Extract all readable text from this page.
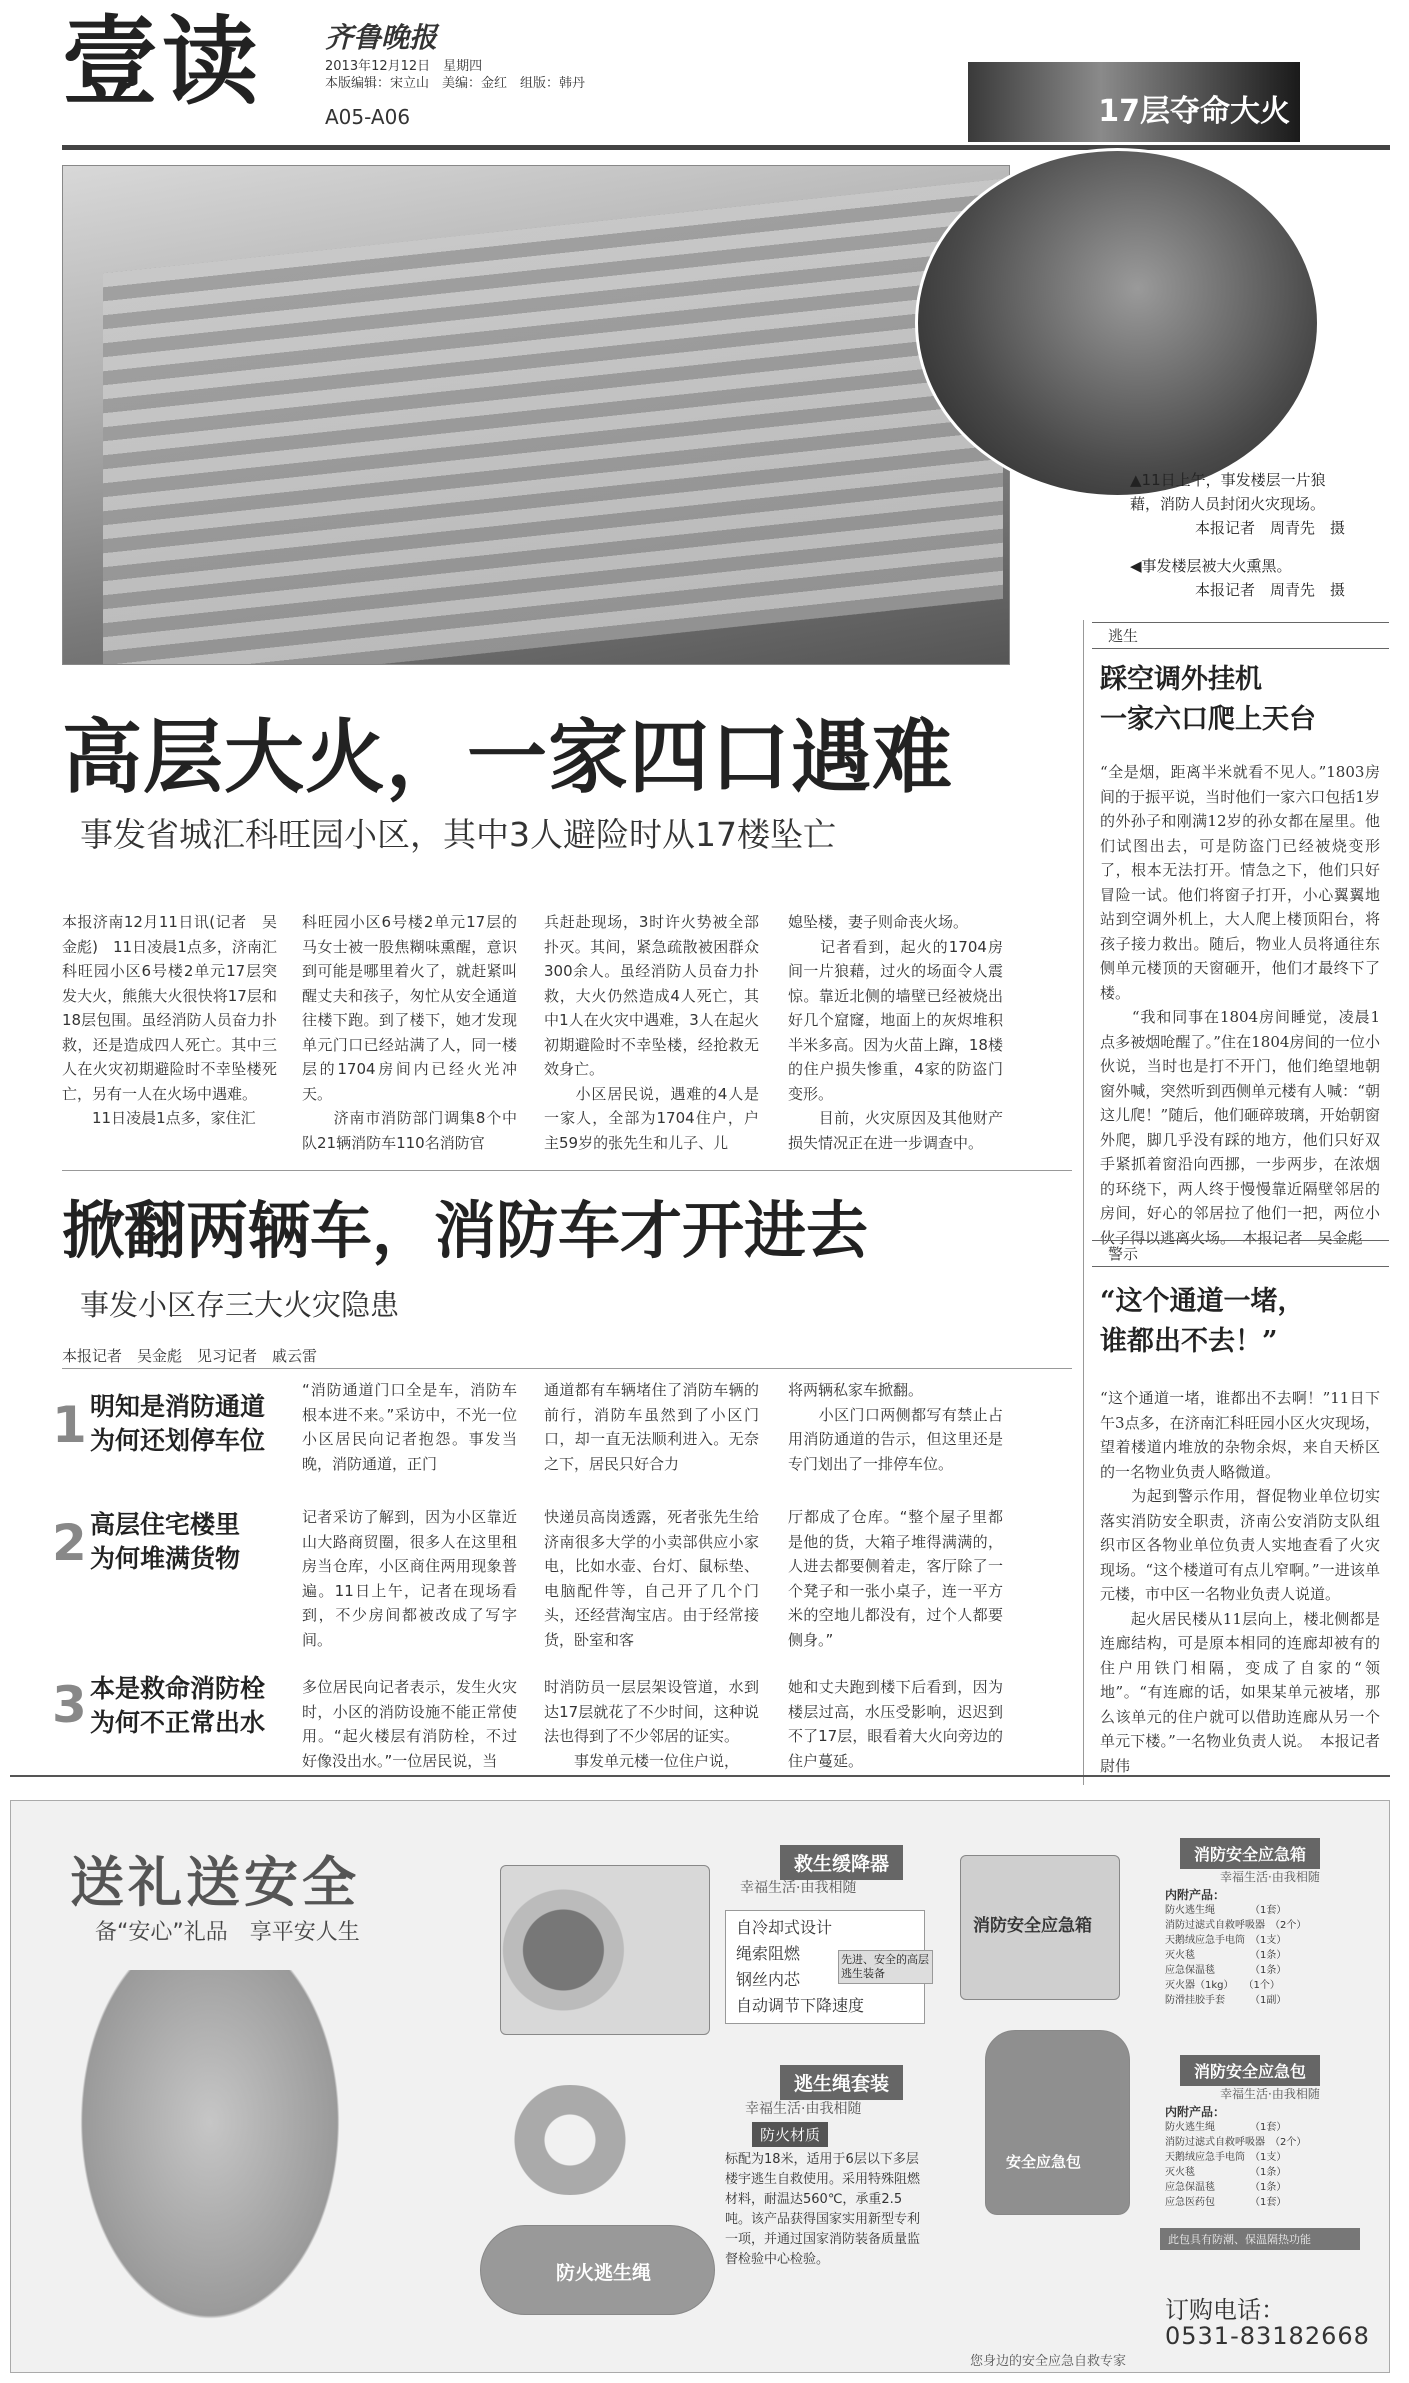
壹读 齐鲁晚报
2013年12月12日　星期四
本版编辑：宋立山　美编：金红　组版：韩丹
A05-A06	17层夺命大火
▲11日上午，事发楼层一片狼藉，消防人员封闭火灾现场。
本报记者　周青先　摄
◀事发楼层被大火熏黑。
本报记者　周青先　摄
高层大火，一家四口遇难
事发省城汇科旺园小区，其中3人避险时从17楼坠亡
本报济南12月11日讯(记者　吴金彪)　11日凌晨1点多，济南汇科旺园小区6号楼2单元17层突发大火，熊熊大火很快将17层和18层包围。虽经消防人员奋力扑救，还是造成四人死亡。其中三人在火灾初期避险时不幸坠楼死亡，另有一人在火场中遇难。
　　11日凌晨1点多，家住汇
科旺园小区6号楼2单元17层的马女士被一股焦糊味熏醒，意识到可能是哪里着火了，就赶紧叫醒丈夫和孩子，匆忙从安全通道往楼下跑。到了楼下，她才发现单元门口已经站满了人，同一楼层的1704房间内已经火光冲天。
　　济南市消防部门调集8个中队21辆消防车110名消防官
兵赶赴现场，3时许火势被全部扑灭。其间，紧急疏散被困群众300余人。虽经消防人员奋力扑救，大火仍然造成4人死亡，其中1人在火灾中遇难，3人在起火初期避险时不幸坠楼，经抢救无效身亡。
　　小区居民说，遇难的4人是一家人，全部为1704住户，户主59岁的张先生和儿子、儿
媳坠楼，妻子则命丧火场。
　　记者看到，起火的1704房间一片狼藉，过火的场面令人震惊。靠近北侧的墙壁已经被烧出好几个窟窿，地面上的灰烬堆积半米多高。因为火苗上蹿，18楼的住户损失惨重，4家的防盗门变形。
　　目前，火灾原因及其他财产损失情况正在进一步调查中。
掀翻两辆车，消防车才开进去
事发小区存三大火灾隐患
本报记者　吴金彪　见习记者　戚云雷
1 明知是消防通道
为何还划停车位
“消防通道门口全是车，消防车根本进不来。”采访中，不光一位小区居民向记者抱怨。事发当晚，消防通道，正门
通道都有车辆堵住了消防车辆的前行，消防车虽然到了小区门口，却一直无法顺利进入。无奈之下，居民只好合力
将两辆私家车掀翻。
　　小区门口两侧都写有禁止占用消防通道的告示，但这里还是专门划出了一排停车位。
2 高层住宅楼里
为何堆满货物
记者采访了解到，因为小区靠近山大路商贸圈，很多人在这里租房当仓库，小区商住两用现象普遍。11日上午，记者在现场看到，不少房间都被改成了写字间。
快递员高岗透露，死者张先生给济南很多大学的小卖部供应小家电，比如水壶、台灯、鼠标垫、电脑配件等，自己开了几个门头，还经营淘宝店。由于经常接货，卧室和客
厅都成了仓库。“整个屋子里都是他的货，大箱子堆得满满的，人进去都要侧着走，客厅除了一个凳子和一张小桌子，连一平方米的空地儿都没有，过个人都要侧身。”
3 本是救命消防栓
为何不正常出水
多位居民向记者表示，发生火灾时，小区的消防设施不能正常使用。“起火楼层有消防栓，不过好像没出水。”一位居民说，当
时消防员一层层架设管道，水到达17层就花了不少时间，这种说法也得到了不少邻居的证实。
　　事发单元楼一位住户说，
她和丈夫跑到楼下后看到，因为楼层过高，水压受影响，迟迟到不了17层，眼看着大火向旁边的住户蔓延。
逃生
踩空调外挂机
一家六口爬上天台
“全是烟，距离半米就看不见人。”1803房间的于振平说，当时他们一家六口包括1岁的外孙子和刚满12岁的孙女都在屋里。他们试图出去，可是防盗门已经被烧变形了，根本无法打开。情急之下，他们只好冒险一试。他们将窗子打开，小心翼翼地站到空调外机上，大人爬上楼顶阳台，将孩子接力救出。随后，物业人员将通往东侧单元楼顶的天窗砸开，他们才最终下了楼。
　　“我和同事在1804房间睡觉，凌晨1点多被烟呛醒了。”住在1804房间的一位小伙说，当时也是打不开门，他们绝望地朝窗外喊，突然听到西侧单元楼有人喊：“朝这儿爬！”随后，他们砸碎玻璃，开始朝窗外爬，脚几乎没有踩的地方，他们只好双手紧抓着窗沿向西挪，一步两步，在浓烟的环绕下，两人终于慢慢靠近隔壁邻居的房间，好心的邻居拉了他们一把，两位小伙子得以逃离火场。　本报记者　吴金彪
警示
“这个通道一堵，
谁都出不去！”
“这个通道一堵，谁都出不去啊！”11日下午3点多，在济南汇科旺园小区火灾现场，望着楼道内堆放的杂物余烬，来自天桥区的一名物业负责人略微道。
　　为起到警示作用，督促物业单位切实落实消防安全职责，济南公安消防支队组织市区各物业单位负责人实地查看了火灾现场。“这个楼道可有点儿窄啊。”一进该单元楼，市中区一名物业负责人说道。
　　起火居民楼从11层向上，楼北侧都是连廊结构，可是原本相同的连廊却被有的住户用铁门相隔，变成了自家的“领地”。“有连廊的话，如果某单元被堵，那么该单元的住户就可以借助连廊从另一个单元下楼。”一名物业负责人说。　本报记者　尉伟
送礼送安全
备“安心”礼品　享平安人生
救生缓降器
幸福生活·由我相随
自冷却式设计
绳索阻燃
钢丝内芯
自动调节下降速度
先进、安全的高层逃生装备
消防安全应急箱
消防安全应急箱
幸福生活·由我相随
内附产品：
防火逃生绳　　　　（1套）
消防过滤式自救呼吸器　（2个）
天鹅绒应急手电筒　（1支）
灭火毯　　　　　　（1条）
应急保温毯　　　　（1条）
灭火器（1kg）　　（1个）
防滑挂胶手套　　　（1副）
防火逃生绳
逃生绳套装
幸福生活·由我相随
防火材质
标配为18米，适用于6层以下多层楼宇逃生自救使用。采用特殊阻燃材料，耐温达560℃，承重2.5吨。该产品获得国家实用新型专利一项，并通过国家消防装备质量监督检验中心检验。
安全应急包
消防安全应急包
幸福生活·由我相随
内附产品：
防火逃生绳　　　　（1套）
消防过滤式自救呼吸器　（2个）
天鹅绒应急手电筒　（1支）
灭火毯　　　　　　（1条）
应急保温毯　　　　（1条）
应急医药包　　　　（1套）
此包具有防潮、保温隔热功能
您身边的安全应急自救专家
订购电话：
0531-83182668
